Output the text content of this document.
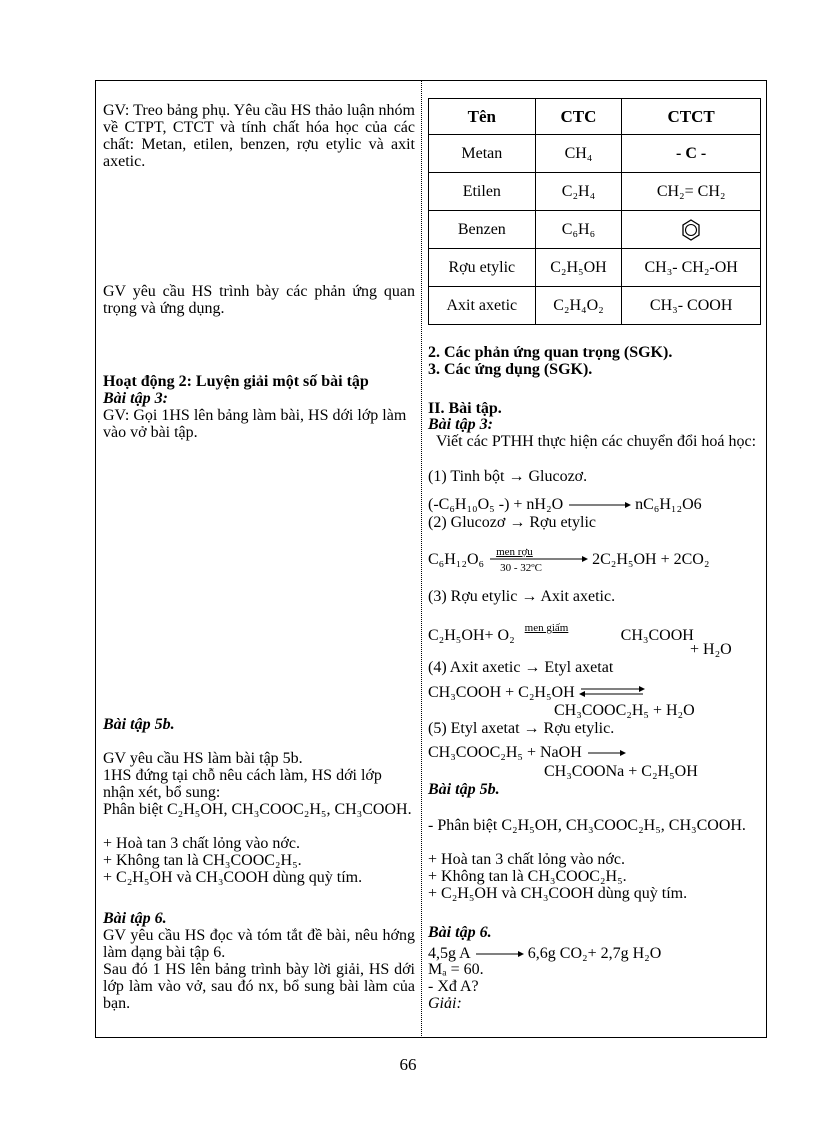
GV: Treo bảng phụ. Yêu cầu HS thảo luận nhóm về CTPT, CTCT và tính chất hóa học của các chất: Metan, etilen, benzen, rợu etylic và axit axetic.
GV yêu cầu HS trình bày các phản ứng quan trọng và ứng dụng.
Hoạt động 2: Luyện giải một số bài tập
Bài tập 3:
GV: Gọi 1HS lên bảng làm bài, HS dới lớp làm vào vở bài tập.
Bài tập 5b.
GV yêu cầu HS làm bài tập 5b.
1HS đứng tại chỗ nêu cách làm, HS dới lớp nhận xét, bổ sung:
Phân biệt C₂H₅OH, CH₃COOC₂H₅, CH₃COOH.
+ Hoà tan 3 chất lỏng vào nớc.
+ Không tan là CH₃COOC₂H₅.
+ C₂H₅OH và CH₃COOH dùng quỳ tím.
Bài tập 6.
GV yêu cầu HS đọc và tóm tắt đề bài, nêu hớng làm dạng bài tập 6.
Sau đó 1 HS lên bảng trình bày lời giải, HS dới lớp làm vào vở, sau đó nx, bổ sung bài làm của bạn.
Tên	CTC	CTCT
Metan	CH₄	- C -
Etilen	C₂H₄	CH₂= CH₂
Benzen	C₆H₆	
Rợu etylic	C₂H₅OH	CH₃- CH₂-OH
Axit axetic	C₂H₄O₂	CH₃- COOH
2. Các phản ứng quan trọng (SGK).
3. Các ứng dụng (SGK).
II. Bài tập.
Bài tập 3:
Viết các PTHH thực hiện các chuyển đổi hoá học:
(1) Tinh bột → Glucozơ.
(-C₆H₁₀O₅ -) + nH₂O	nC₆H₁₂O6
(2) Glucozơ → Rợu etylic
C₆H₁₂O₆ men rợu
30 - 32ºC	2C₂H₅OH + 2CO₂
(3) Rợu etylic → Axit axetic.
C₂H₅OH+ O₂ men giấm	CH₃COOH
+ H₂O
(4) Axit axetic → Etyl axetat
CH₃COOH + C₂H₅OH
CH₃COOC₂H₅ + H₂O
(5) Etyl axetat → Rợu etylic.
CH₃COOC₂H₅ + NaOH
CH₃COONa + C₂H₅OH
Bài tập 5b.
- Phân biệt C₂H₅OH, CH₃COOC₂H₅, CH₃COOH.
+ Hoà tan 3 chất lỏng vào nớc.
+ Không tan là CH₃COOC₂H₅.
+ C₂H₅OH và CH₃COOH dùng quỳ tím.
Bài tập 6.
4,5g A	6,6g CO₂+ 2,7g H₂O
Mₐ = 60.
- Xđ A?
Giải:
66
